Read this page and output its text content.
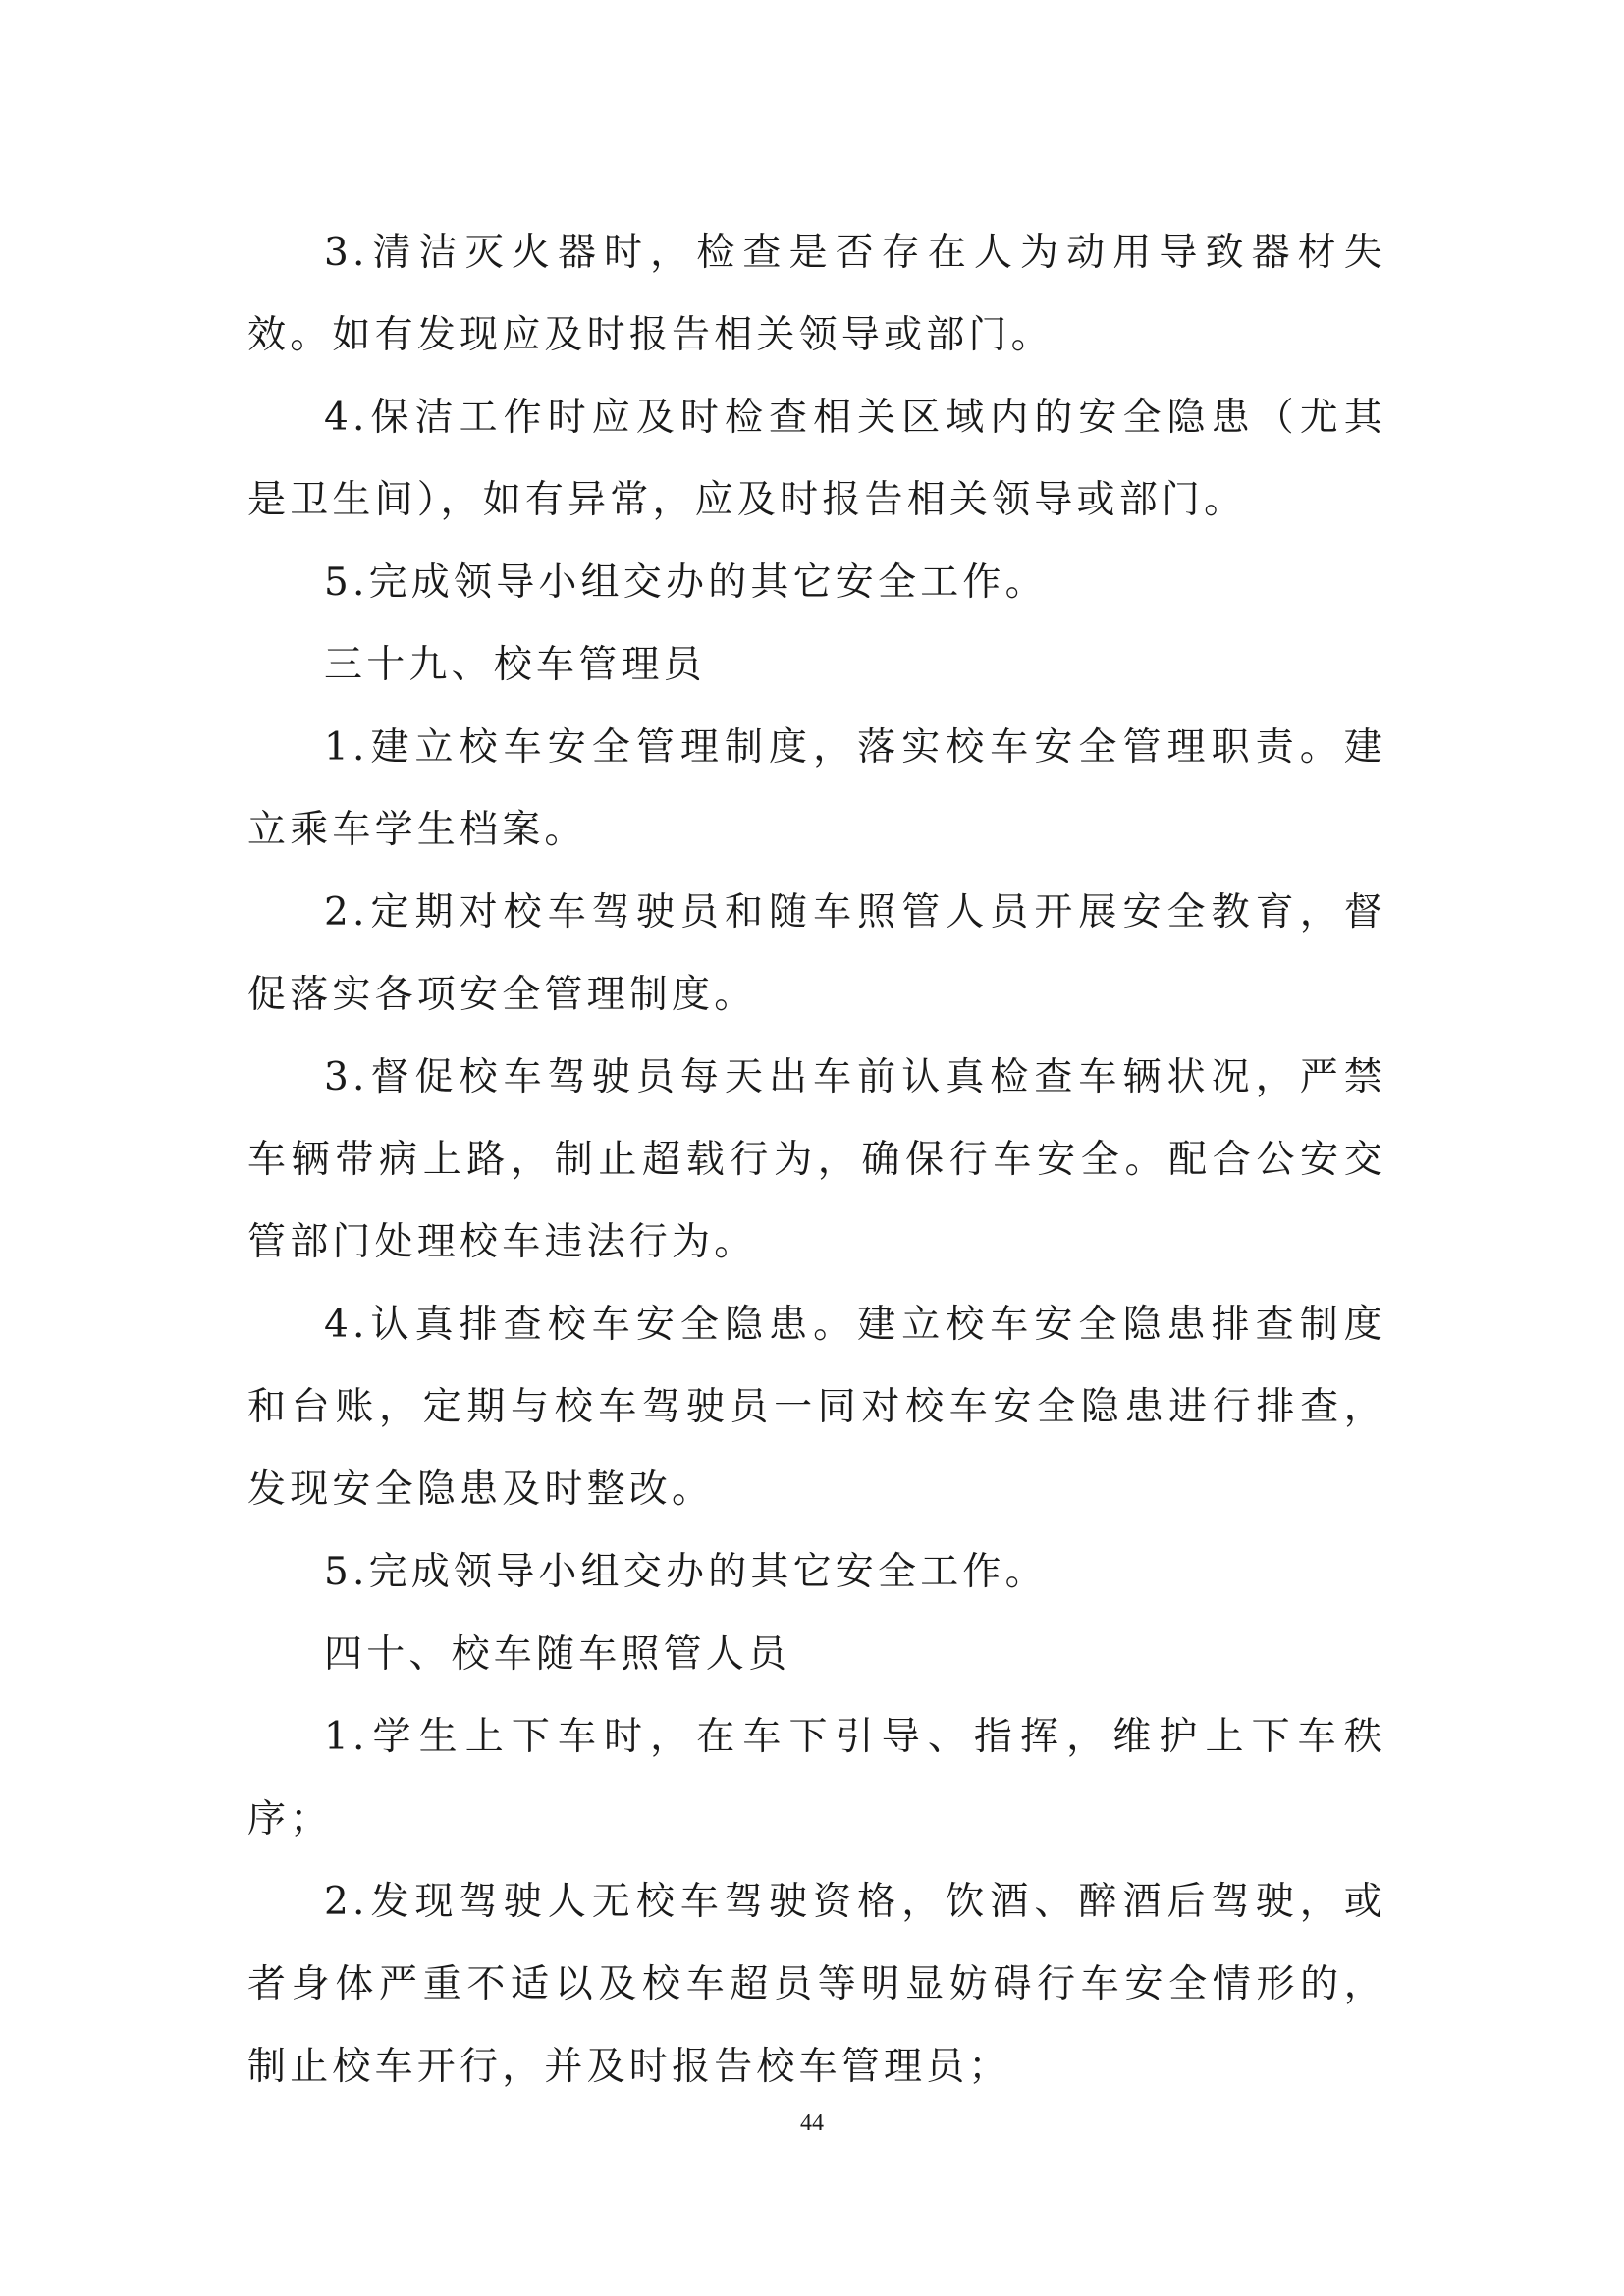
3.清洁灭火器时，检查是否存在人为动用导致器材失效。如有发现应及时报告相关领导或部门。

4.保洁工作时应及时检查相关区域内的安全隐患（尤其是卫生间），如有异常，应及时报告相关领导或部门。

5.完成领导小组交办的其它安全工作。

三十九、校车管理员

1.建立校车安全管理制度，落实校车安全管理职责。建立乘车学生档案。

2.定期对校车驾驶员和随车照管人员开展安全教育，督促落实各项安全管理制度。

3.督促校车驾驶员每天出车前认真检查车辆状况，严禁车辆带病上路，制止超载行为，确保行车安全。配合公安交管部门处理校车违法行为。

4.认真排查校车安全隐患。建立校车安全隐患排查制度和台账，定期与校车驾驶员一同对校车安全隐患进行排查，发现安全隐患及时整改。

5.完成领导小组交办的其它安全工作。

四十、校车随车照管人员

1.学生上下车时，在车下引导、指挥，维护上下车秩序；

2.发现驾驶人无校车驾驶资格，饮酒、醉酒后驾驶，或者身体严重不适以及校车超员等明显妨碍行车安全情形的，制止校车开行，并及时报告校车管理员；

44
